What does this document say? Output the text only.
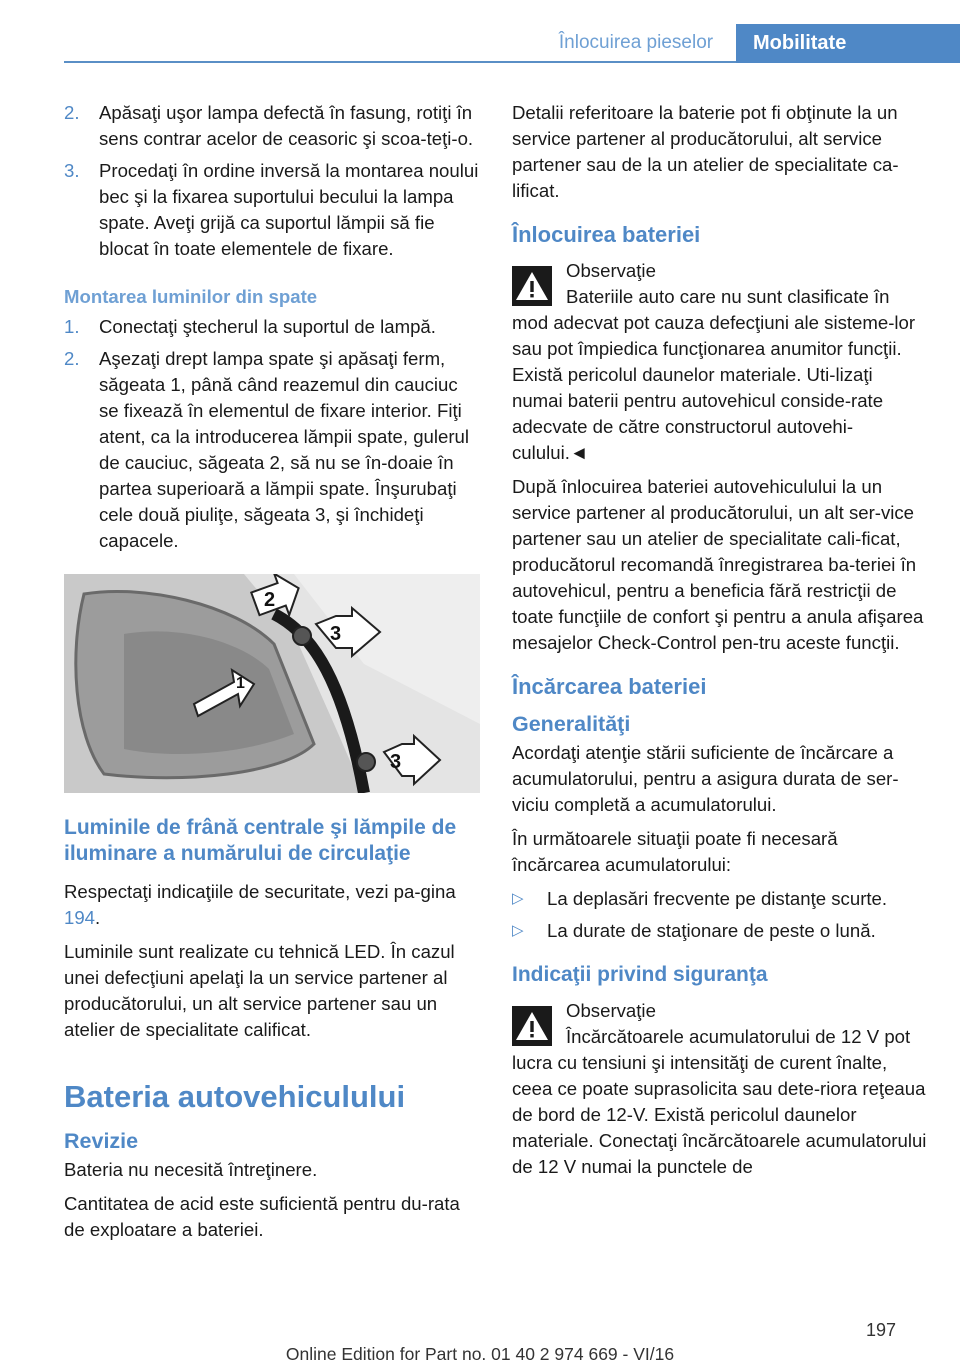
Înlocuirea pieselor	Mobilitate
2. Apăsaţi uşor lampa defectă în fasung, rotiţi în sens contrar acelor de ceasoric şi scoa‐teţi-o.
3. Procedaţi în ordine inversă la montarea noului bec şi la fixarea suportului becului la lampa spate. Aveţi grijă ca suportul lămpii să fie blocat în toate elementele de fixare.
Montarea luminilor din spate
1. Conectaţi ştecherul la suportul de lampă.
2. Aşezaţi drept lampa spate şi apăsaţi ferm, săgeata 1, până când reazemul din cauciuc se fixează în elementul de fixare interior. Fiţi atent, ca la introducerea lămpii spate, gulerul de cauciuc, săgeata 2, să nu se în‐doaie în partea superioară a lămpii spate. Înşurubaţi cele două piuliţe, săgeata 3, şi închideţi capacele.
1
2
3
3
Luminile de frână centrale şi lămpile de iluminare a numărului de circulaţie

Respectaţi indicaţiile de securitate, vezi pa‐gina 194.

Luminile sunt realizate cu tehnică LED. În cazul unei defecţiuni apelaţi la un service partener al producătorului, un alt service partener sau un atelier de specialitate calificat.

Bateria autovehiculului
Revizie

Bateria nu necesită întreţinere.

Cantitatea de acid este suficientă pentru du‐rata de exploatare a bateriei.

Detalii referitoare la baterie pot fi obţinute la un service partener al producătorului, alt service partener sau de la un atelier de specialitate ca‐lificat.

Înlocuirea bateriei
Observaţie

Bateriile auto care nu sunt clasificate în mod adecvat pot cauza defecţiuni ale sisteme‐lor sau pot împiedica funcţionarea anumitor funcţii. Există pericolul daunelor materiale. Uti‐lizaţi numai baterii pentru autovehicul conside‐rate adecvate de către constructorul autovehi‐culului.◄

După înlocuirea bateriei autovehiculului la un service partener al producătorului, un alt ser‐vice partener sau un atelier de specialitate cali‐ficat, producătorul recomandă înregistrarea ba‐teriei în autovehicul, pentru a beneficia fără restricţii de toate funcţiile de confort şi pentru a anula afişarea mesajelor Check-Control pen‐tru aceste funcţii.

Încărcarea bateriei
Generalităţi

Acordaţi atenţie stării suficiente de încărcare a acumulatorului, pentru a asigura durata de ser‐viciu completă a acumulatorului.

În următoarele situaţii poate fi necesară încărcarea acumulatorului:

▷ La deplasări frecvente pe distanţe scurte.
▷ La durate de staţionare de peste o lună.
Indicaţii privind siguranţa
Observaţie

Încărcătoarele acumulatorului de 12 V pot lucra cu tensiuni şi intensităţi de curent înalte, ceea ce poate suprasolicita sau dete‐riora reţeaua de bord de 12-V. Există pericolul daunelor materiale. Conectaţi încărcătoarele acumulatorului de 12 V numai la punctele de

197
Online Edition for Part no. 01 40 2 974 669 - VI/16
